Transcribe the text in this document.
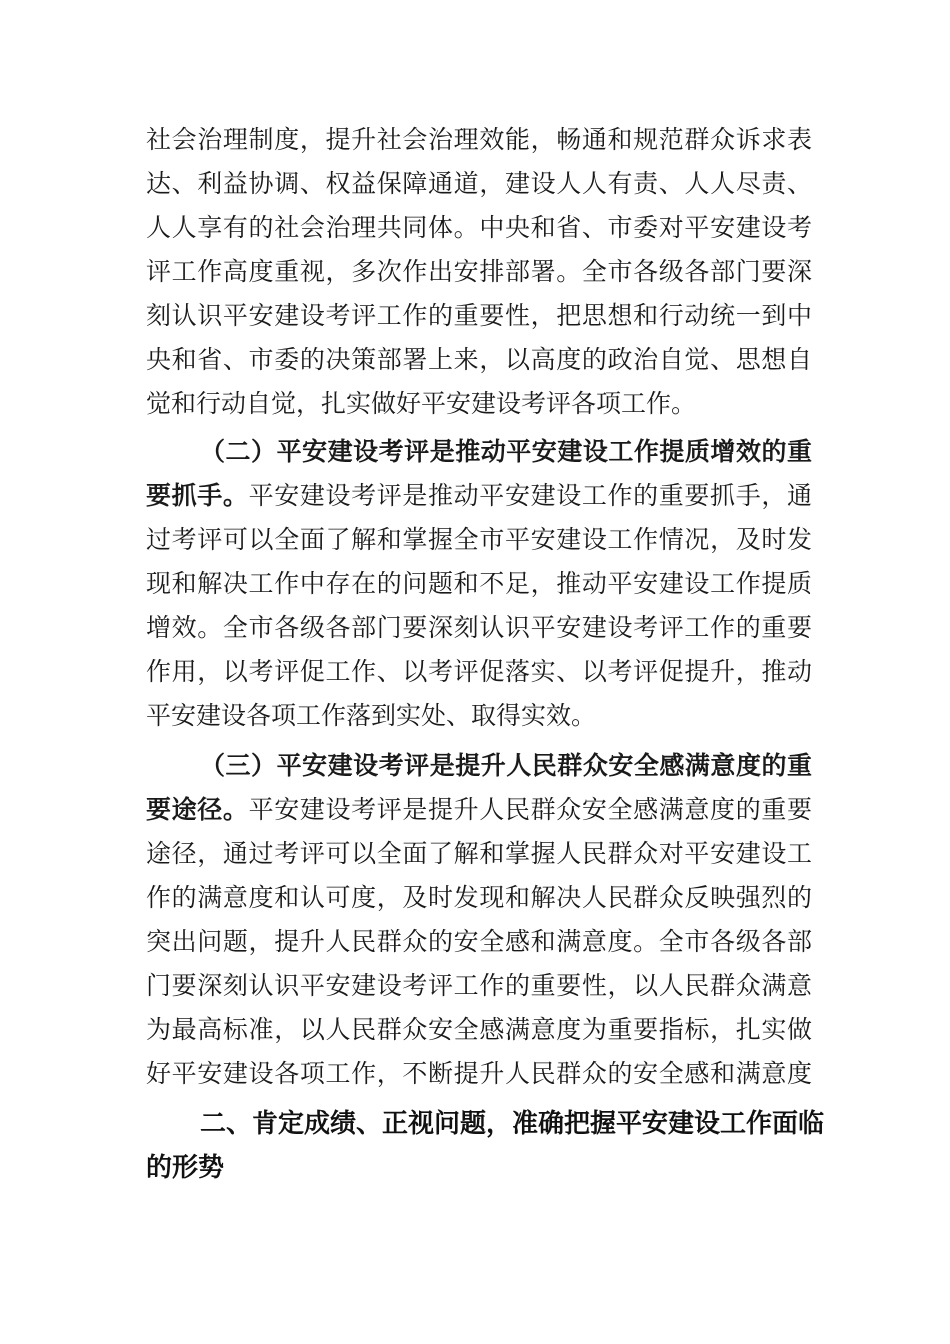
社会治理制度，提升社会治理效能，畅通和规范群众诉求表
达、利益协调、权益保障通道，建设人人有责、人人尽责、
人人享有的社会治理共同体。中央和省、市委对平安建设考
评工作高度重视，多次作出安排部署。全市各级各部门要深
刻认识平安建设考评工作的重要性，把思想和行动统一到中
央和省、市委的决策部署上来，以高度的政治自觉、思想自
觉和行动自觉，扎实做好平安建设考评各项工作。
（二）平安建设考评是推动平安建设工作提质增效的重
要抓手。平安建设考评是推动平安建设工作的重要抓手，通
过考评可以全面了解和掌握全市平安建设工作情况，及时发
现和解决工作中存在的问题和不足，推动平安建设工作提质
增效。全市各级各部门要深刻认识平安建设考评工作的重要
作用，以考评促工作、以考评促落实、以考评促提升，推动
平安建设各项工作落到实处、取得实效。
（三）平安建设考评是提升人民群众安全感满意度的重
要途径。平安建设考评是提升人民群众安全感满意度的重要
途径，通过考评可以全面了解和掌握人民群众对平安建设工
作的满意度和认可度，及时发现和解决人民群众反映强烈的
突出问题，提升人民群众的安全感和满意度。全市各级各部
门要深刻认识平安建设考评工作的重要性，以人民群众满意
为最高标准，以人民群众安全感满意度为重要指标，扎实做
好平安建设各项工作，不断提升人民群众的安全感和满意度
二、肯定成绩、正视问题，准确把握平安建设工作面临
的形势
